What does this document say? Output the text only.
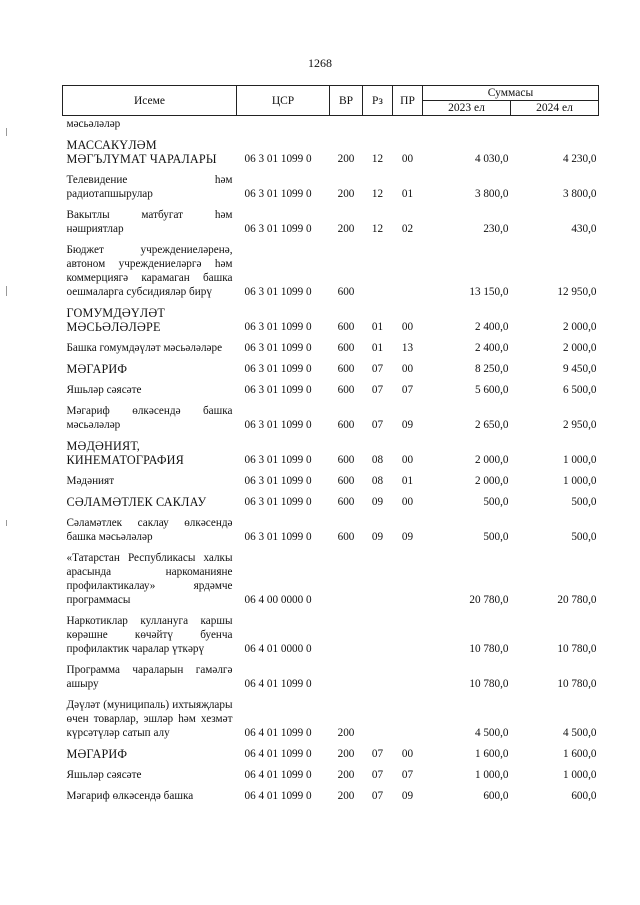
1268
Исеме	ЦСР	ВР	Рз	ПР	Суммасы	
					2023 ел	2024 ел
мәсьәләләр						
МАССАКҮЛӘМ МӘГЪЛҮМАТ ЧАРАЛАРЫ	06 3 01 1099 0	200	12	00	4 030,0	4 230,0
Телевидение һәм радиотапшырулар	06 3 01 1099 0	200	12	01	3 800,0	3 800,0
Вакытлы матбугат һәм нәшриятлар	06 3 01 1099 0	200	12	02	230,0	430,0
Бюджет учреждениеләренә, автоном учреждениеләргә һәм коммерциягә карамаган башка оешмаларга субсидияләр бирү	06 3 01 1099 0	600			13 150,0	12 950,0
ГОМУМДӘҮЛӘТ МӘСЬӘЛӘЛӘРЕ	06 3 01 1099 0	600	01	00	2 400,0	2 000,0
Башка гомумдәүләт мәсьәләләре	06 3 01 1099 0	600	01	13	2 400,0	2 000,0
МӘГАРИФ	06 3 01 1099 0	600	07	00	8 250,0	9 450,0
Яшьләр сәясәте	06 3 01 1099 0	600	07	07	5 600,0	6 500,0
Мәгариф өлкәсендә башка мәсьәләләр	06 3 01 1099 0	600	07	09	2 650,0	2 950,0
МӘДӘНИЯТ, КИНЕМАТОГРАФИЯ	06 3 01 1099 0	600	08	00	2 000,0	1 000,0
Мәдәният	06 3 01 1099 0	600	08	01	2 000,0	1 000,0
СӘЛАМӘТЛЕК САКЛАУ	06 3 01 1099 0	600	09	00	500,0	500,0
Сәламәтлек саклау өлкәсендә башка мәсьәләләр	06 3 01 1099 0	600	09	09	500,0	500,0
«Татарстан Республикасы халкы арасында наркоманияне профилактикалау» ярдәмче программасы	06 4 00 0000 0				20 780,0	20 780,0
Наркотиклар куллануга каршы көрәшне көчәйтү буенча профилактик чаралар үткәрү	06 4 01 0000 0				10 780,0	10 780,0
Программа чараларын гамәлгә ашыру	06 4 01 1099 0				10 780,0	10 780,0
Дәүләт (муниципаль) ихтыяҗлары өчен товарлар, эшләр һәм хезмәт күрсәтүләр сатып алу	06 4 01 1099 0	200			4 500,0	4 500,0
МӘГАРИФ	06 4 01 1099 0	200	07	00	1 600,0	1 600,0
Яшьләр сәясәте	06 4 01 1099 0	200	07	07	1 000,0	1 000,0
Мәгариф өлкәсендә башка	06 4 01 1099 0	200	07	09	600,0	600,0
